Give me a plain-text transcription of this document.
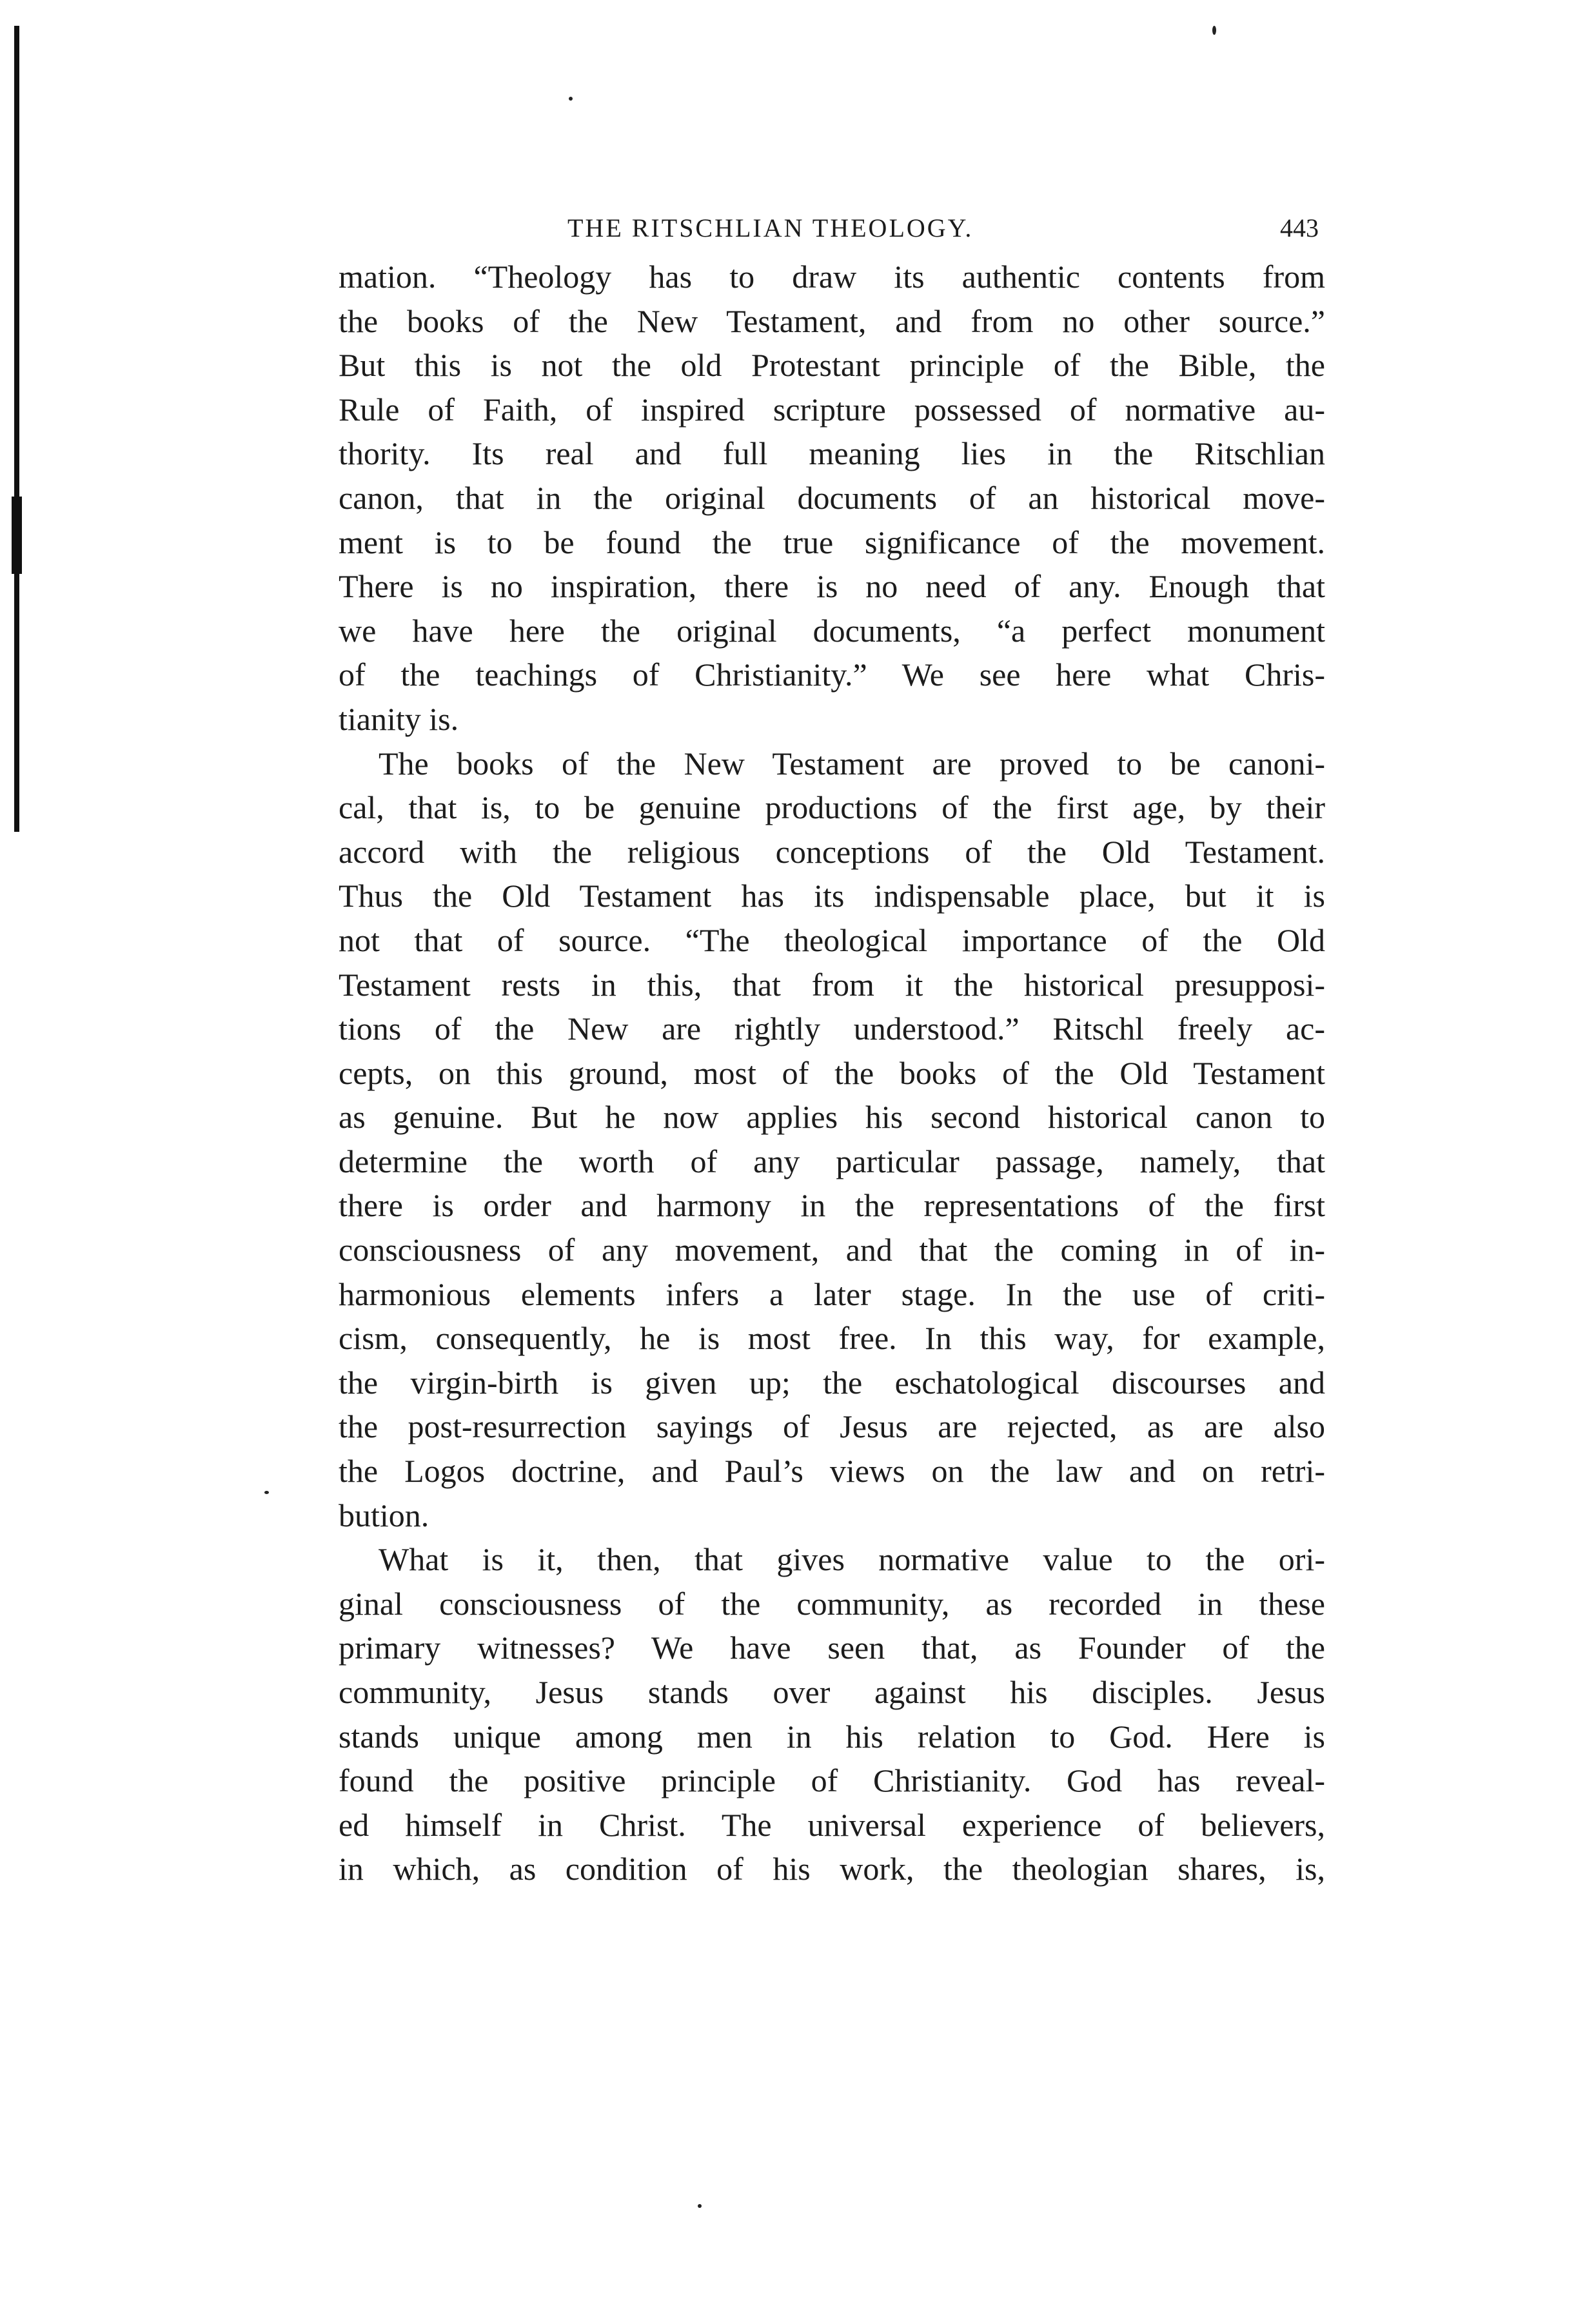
THE RITSCHLIAN THEOLOGY.	443
mation. “Theology has to draw its authentic contents from
the books of the New Testament, and from no other source.”
But this is not the old Protestant principle of the Bible, the
Rule of Faith, of inspired scripture possessed of normative au-
thority. Its real and full meaning lies in the Ritschlian
canon, that in the original documents of an historical move-
ment is to be found the true significance of the movement.
There is no inspiration, there is no need of any. Enough that
we have here the original documents, “a perfect monument
of the teachings of Christianity.” We see here what Chris-
tianity is.
The books of the New Testament are proved to be canoni-
cal, that is, to be genuine productions of the first age, by their
accord with the religious conceptions of the Old Testament.
Thus the Old Testament has its indispensable place, but it is
not that of source. “The theological importance of the Old
Testament rests in this, that from it the historical presupposi-
tions of the New are rightly understood.” Ritschl freely ac-
cepts, on this ground, most of the books of the Old Testament
as genuine. But he now applies his second historical canon to
determine the worth of any particular passage, namely, that
there is order and harmony in the representations of the first
consciousness of any movement, and that the coming in of in-
harmonious elements infers a later stage. In the use of criti-
cism, consequently, he is most free. In this way, for example,
the virgin-birth is given up; the eschatological discourses and
the post-resurrection sayings of Jesus are rejected, as are also
the Logos doctrine, and Paul’s views on the law and on retri-
bution.
What is it, then, that gives normative value to the ori-
ginal consciousness of the community, as recorded in these
primary witnesses? We have seen that, as Founder of the
community, Jesus stands over against his disciples. Jesus
stands unique among men in his relation to God. Here is
found the positive principle of Christianity. God has reveal-
ed himself in Christ. The universal experience of believers,
in which, as condition of his work, the theologian shares, is,
